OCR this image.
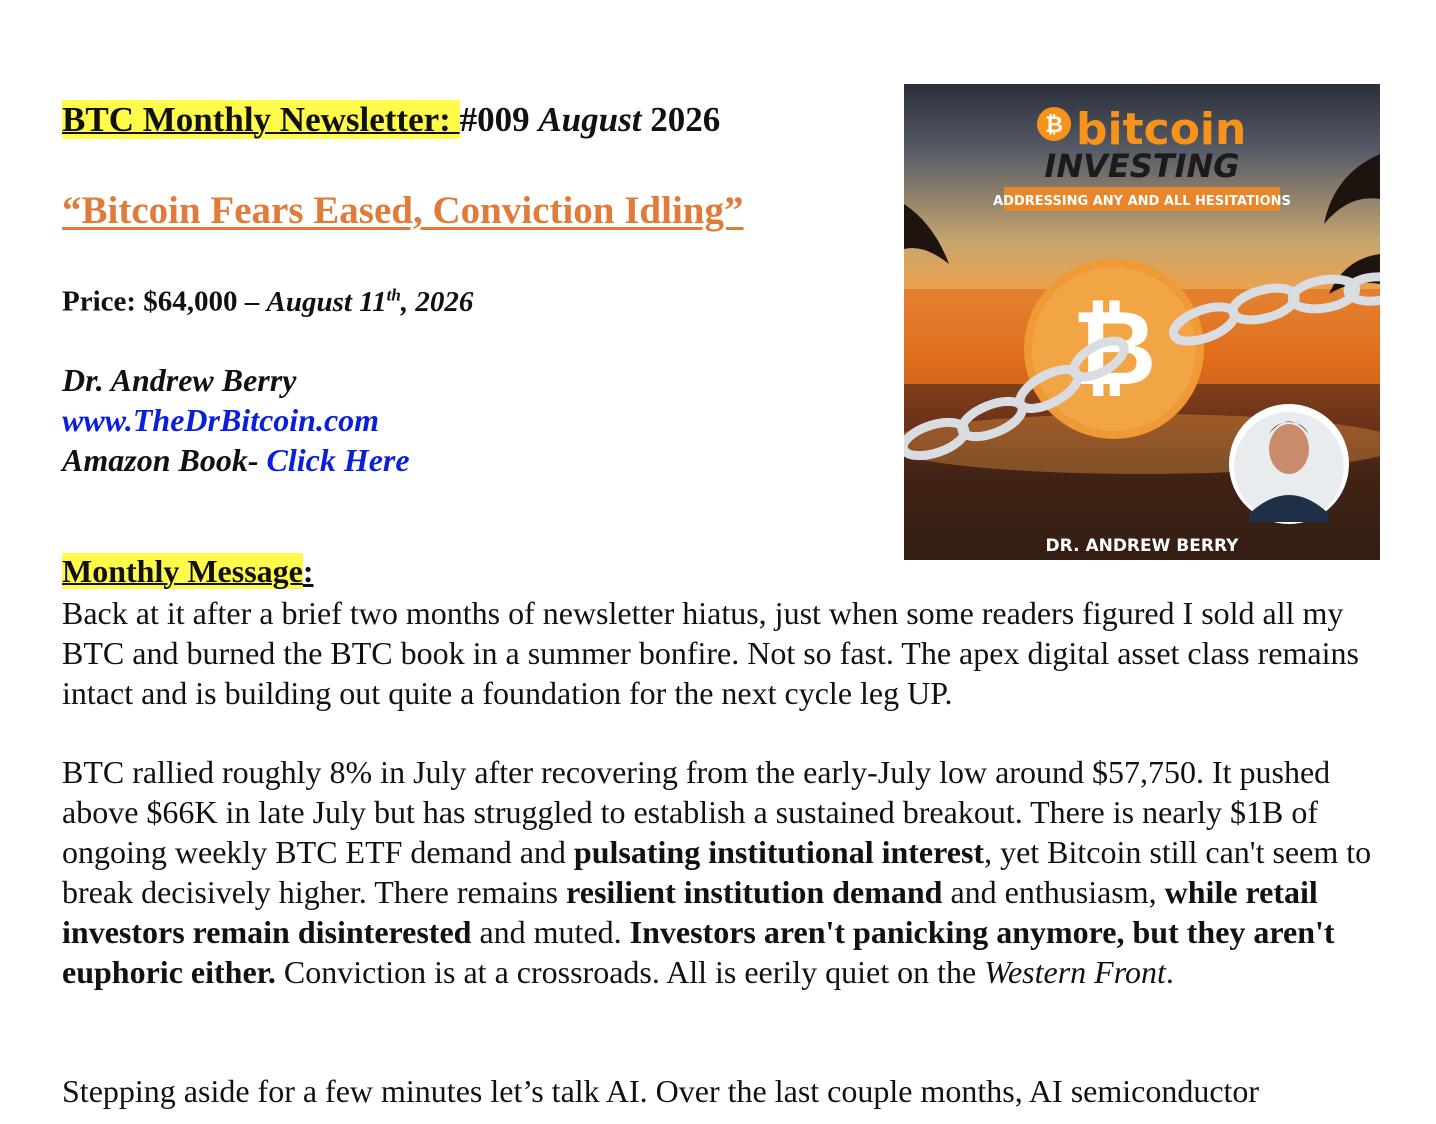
BTC Monthly Newsletter: #009 August 2026
“Bitcoin Fears Eased, Conviction Idling”
Price: $64,000 – August 11th, 2026
Dr. Andrew Berry
www.TheDrBitcoin.com
Amazon Book- Click Here
₿
₿ bitcoin
INVESTING
ADDRESSING ANY AND ALL HESITATIONS
DR. ANDREW BERRY
Monthly Message:

Back at it after a brief two months of newsletter hiatus, just when some readers figured I sold all my BTC and burned the BTC book in a summer bonfire. Not so fast. The apex digital asset class remains intact and is building out quite a foundation for the next cycle leg UP.

BTC rallied roughly 8% in July after recovering from the early-July low around $57,750. It pushed above $66K in late July but has struggled to establish a sustained breakout. There is nearly $1B of ongoing weekly BTC ETF demand and pulsating institutional interest, yet Bitcoin still can't seem to break decisively higher. There remains resilient institution demand and enthusiasm, while retail investors remain disinterested and muted. Investors aren't panicking anymore, but they aren't euphoric either. Conviction is at a crossroads. All is eerily quiet on the Western Front.

Stepping aside for a few minutes let’s talk AI. Over the last couple months, AI semiconductor
